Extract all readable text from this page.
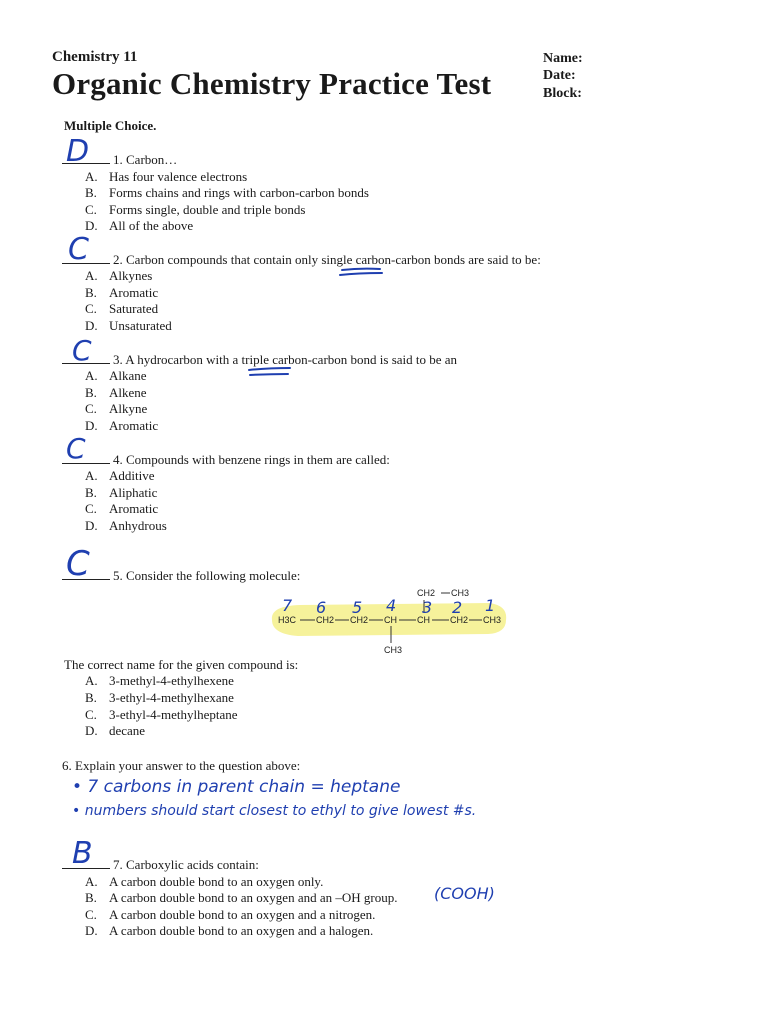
Chemistry 11
Organic Chemistry Practice Test
Name:
Date:
Block:
Multiple Choice.
1. Carbon…
D
A. Has four valence electrons
B. Forms chains and rings with carbon-carbon bonds
C. Forms single, double and triple bonds
D. All of the above
2. Carbon compounds that contain only single carbon-carbon bonds are said to be:
C
A. Alkynes
B. Aromatic
C. Saturated
D. Unsaturated
3. A hydrocarbon with a triple carbon-carbon bond is said to be an
C
A. Alkane
B. Alkene
C. Alkyne
D. Aromatic
4. Compounds with benzene rings in them are called:
C
A. Additive
B. Aliphatic
C. Aromatic
D. Anhydrous
5. Consider the following molecule:
C
H3C CH2 CH2 CH CH CH2 CH3
CH2 CH3
CH3
7 6 5 4 3 2 1
The correct name for the given compound is:
A. 3-methyl-4-ethylhexene
B. 3-ethyl-4-methylhexane
C. 3-ethyl-4-methylheptane
D. decane
6. Explain your answer to the question above:
• 7 carbons in parent chain = heptane
• numbers should start closest to ethyl to give lowest #s.
7. Carboxylic acids contain:
B
A. A carbon double bond to an oxygen only.
B. A carbon double bond to an oxygen and an –OH group. (COOH)
C. A carbon double bond to an oxygen and a nitrogen.
D. A carbon double bond to an oxygen and a halogen.
